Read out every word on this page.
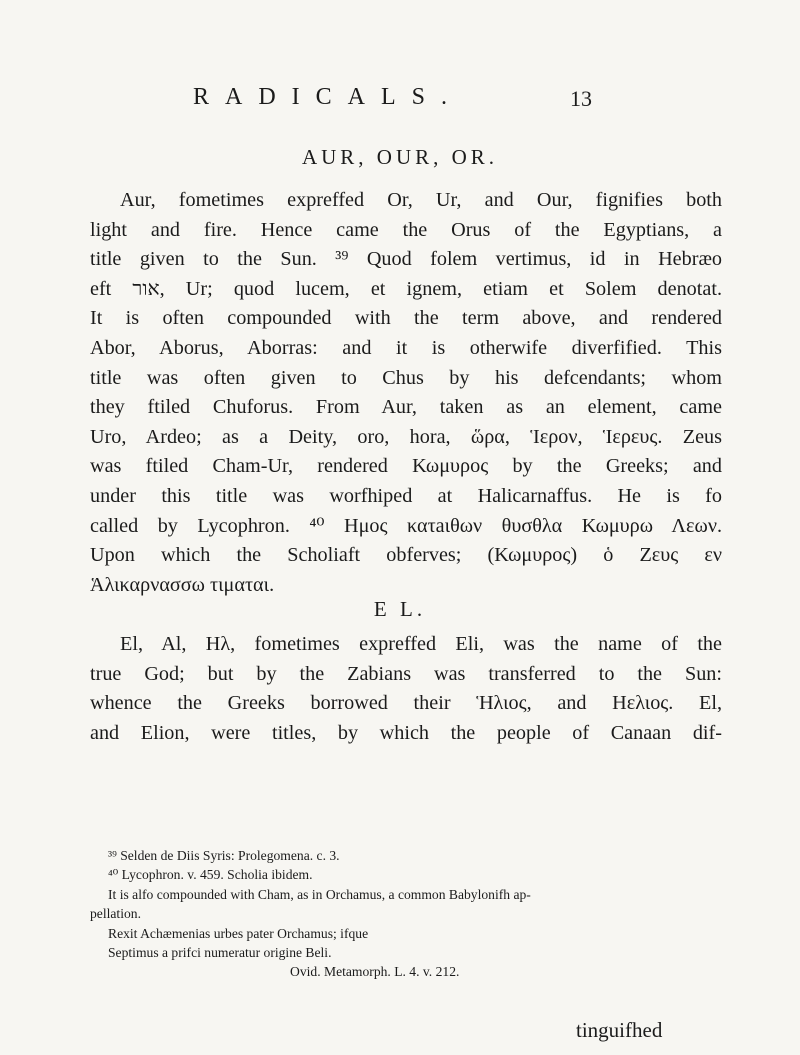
RADICALS.	13
AUR, OUR, OR.
Aur, fometimes expreffed Or, Ur, and Our, fignifies both
light and fire. Hence came the Orus of the Egyptians, a
title given to the Sun. ³⁹ Quod folem vertimus, id in Hebræo
eft אור, Ur; quod lucem, et ignem, etiam et Solem denotat.
It is often compounded with the term above, and rendered
Abor, Aborus, Aborras: and it is otherwife diverfified. This
title was often given to Chus by his defcendants; whom
they ftiled Chuforus. From Aur, taken as an element, came
Uro, Ardeo; as a Deity, oro, hora, ὥρα, Ἱερον, Ἱερευς. Zeus
was ftiled Cham-Ur, rendered Κωμυρος by the Greeks; and
under this title was worfhiped at Halicarnaffus. He is fo
called by Lycophron. ⁴⁰ Ημος κατaιθων θυσθλα Κωμυρω Λεων.
Upon which the Scholiaft obferves; (Κωμυρος) ὁ Ζευς εν
Ἁλικαρνασσω τιμαται.
E L.
El, Al, Ηλ, fometimes expreffed Eli, was the name of the
true God; but by the Zabians was transferred to the Sun:
whence the Greeks borrowed their Ἡλιος, and Ηελιος. El,
and Elion, were titles, by which the people of Canaan dif-
³⁹ Selden de Diis Syris: Prolegomena. c. 3.
⁴⁰ Lycophron. v. 459. Scholia ibidem.
It is alfo compounded with Cham, as in Orchamus, a common Babylonifh ap-
pellation.
Rexit Achæmenias urbes pater Orchamus; ifque
Septimus a prifci numeratur origine Beli.
Ovid. Metamorph. L. 4. v. 212.
tinguifhed
